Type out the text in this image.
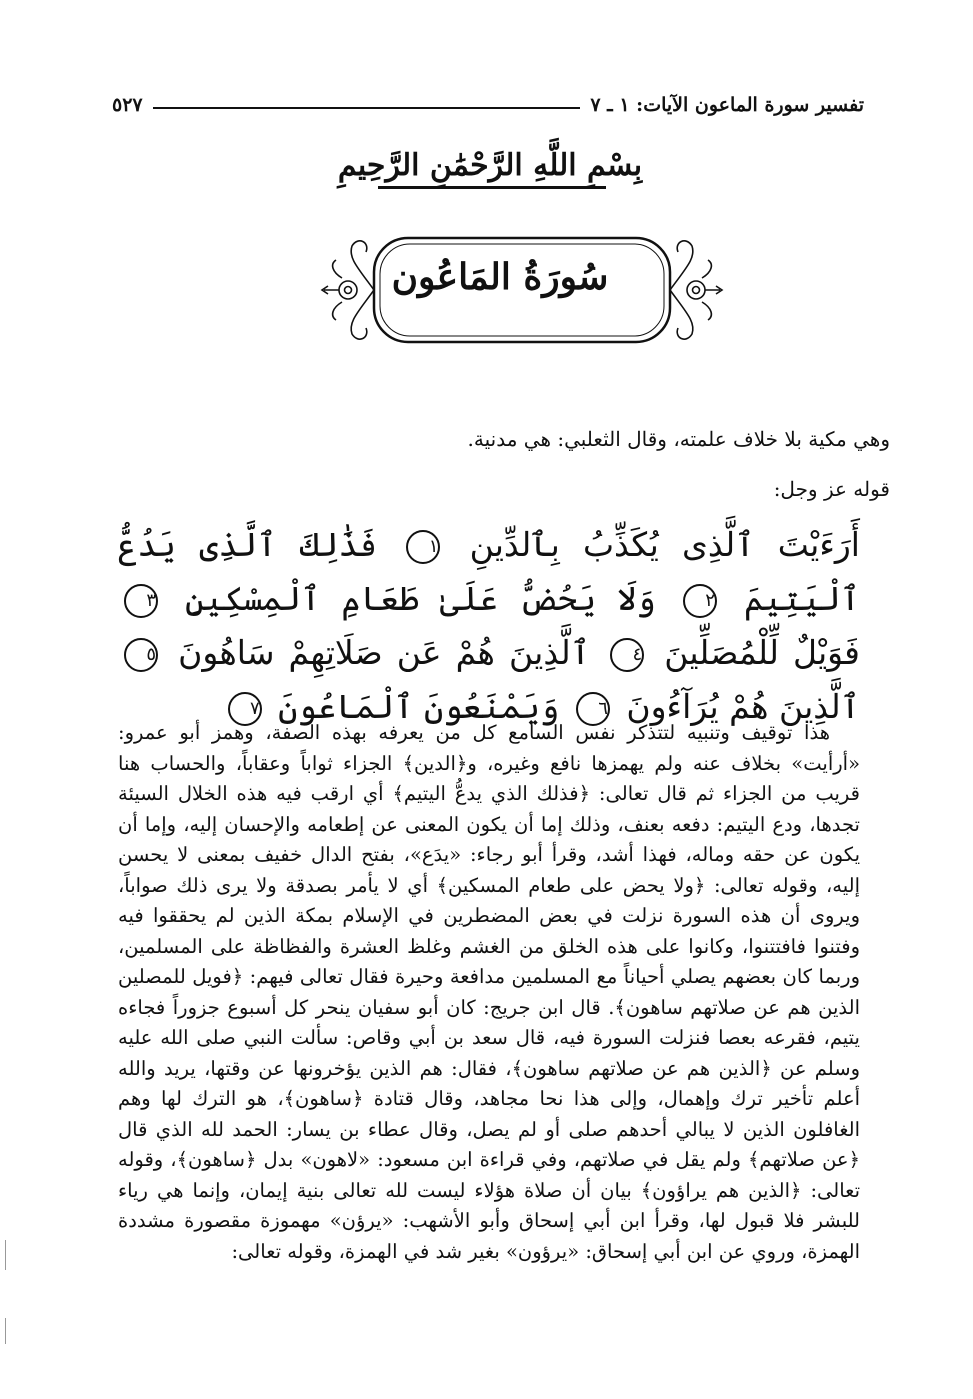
تفسير سورة الماعون الآيات: ١ ـ ٧
٥٢٧
بِسْمِ اللَّهِ الرَّحْمَٰنِ الرَّحِيمِ
سُورَةُ المَاعُون
وهي مكية بلا خلاف علمته، وقال الثعلبي: هي مدنية.
قوله عز وجل:
أَرَءَيْتَ ٱلَّذِى يُكَذِّبُ بِٱلدِّينِ ١ فَذَٰلِكَ ٱلَّذِى يَدُعُّ ٱلْيَتِيمَ ٢ وَلَا يَحُضُّ عَلَىٰ طَعَامِ ٱلْمِسْكِينِ ٣ فَوَيْلٌ لِّلْمُصَلِّينَ ٤ ٱلَّذِينَ هُمْ عَن صَلَاتِهِمْ سَاهُونَ ٥ ٱلَّذِينَ هُمْ يُرَآءُونَ ٦ وَيَمْنَعُونَ ٱلْمَاعُونَ ٧

هذا توقيف وتنبيه لتتذكر نفس السامع كل من يعرفه بهذه الصفة، وهمز أبو عمرو: «أرأيت» بخلاف عنه ولم يهمزها نافع وغيره، و﴿الدين﴾ الجزاء ثواباً وعقاباً، والحساب هنا قريب من الجزاء ثم قال تعالى: ﴿فذلك الذي يدعُّ اليتيم﴾ أي ارقب فيه هذه الخلال السيئة تجدها، ودع اليتيم: دفعه بعنف، وذلك إما أن يكون المعنى عن إطعامه والإحسان إليه، وإما أن يكون عن حقه وماله، فهذا أشد، وقرأ أبو رجاء: «يدَع»، بفتح الدال خفيف بمعنى لا يحسن إليه، وقوله تعالى: ﴿ولا يحض على طعام المسكين﴾ أي لا يأمر بصدقة ولا يرى ذلك صواباً، ويروى أن هذه السورة نزلت في بعض المضطرين في الإسلام بمكة الذين لم يحققوا فيه وفتنوا فافتتنوا، وكانوا على هذه الخلق من الغشم وغلظ العشرة والفظاظة على المسلمين، وربما كان بعضهم يصلي أحياناً مع المسلمين مدافعة وحيرة فقال تعالى فيهم: ﴿فويل للمصلين الذين هم عن صلاتهم ساهون﴾. قال ابن جريج: كان أبو سفيان ينحر كل أسبوع جزوراً فجاءه يتيم، فقرعه بعصا فنزلت السورة فيه، قال سعد بن أبي وقاص: سألت النبي صلى الله عليه وسلم عن ﴿الذين هم عن صلاتهم ساهون﴾، فقال: هم الذين يؤخرونها عن وقتها، يريد والله أعلم تأخير ترك وإهمال، وإلى هذا نحا مجاهد، وقال قتادة ﴿ساهون﴾، هو الترك لها وهم الغافلون الذين لا يبالي أحدهم صلى أو لم يصل، وقال عطاء بن يسار: الحمد لله الذي قال ﴿عن صلاتهم﴾ ولم يقل في صلاتهم، وفي قراءة ابن مسعود: «لاهون» بدل ﴿ساهون﴾، وقوله تعالى: ﴿الذين هم يراؤون﴾ بيان أن صلاة هؤلاء ليست لله تعالى بنية إيمان، وإنما هي رياء للبشر فلا قبول لها، وقرأ ابن أبي إسحاق وأبو الأشهب: «يرؤن» مهموزة مقصورة مشددة الهمزة، وروي عن ابن أبي إسحاق: «يرؤون» بغير شد في الهمزة، وقوله تعالى:
